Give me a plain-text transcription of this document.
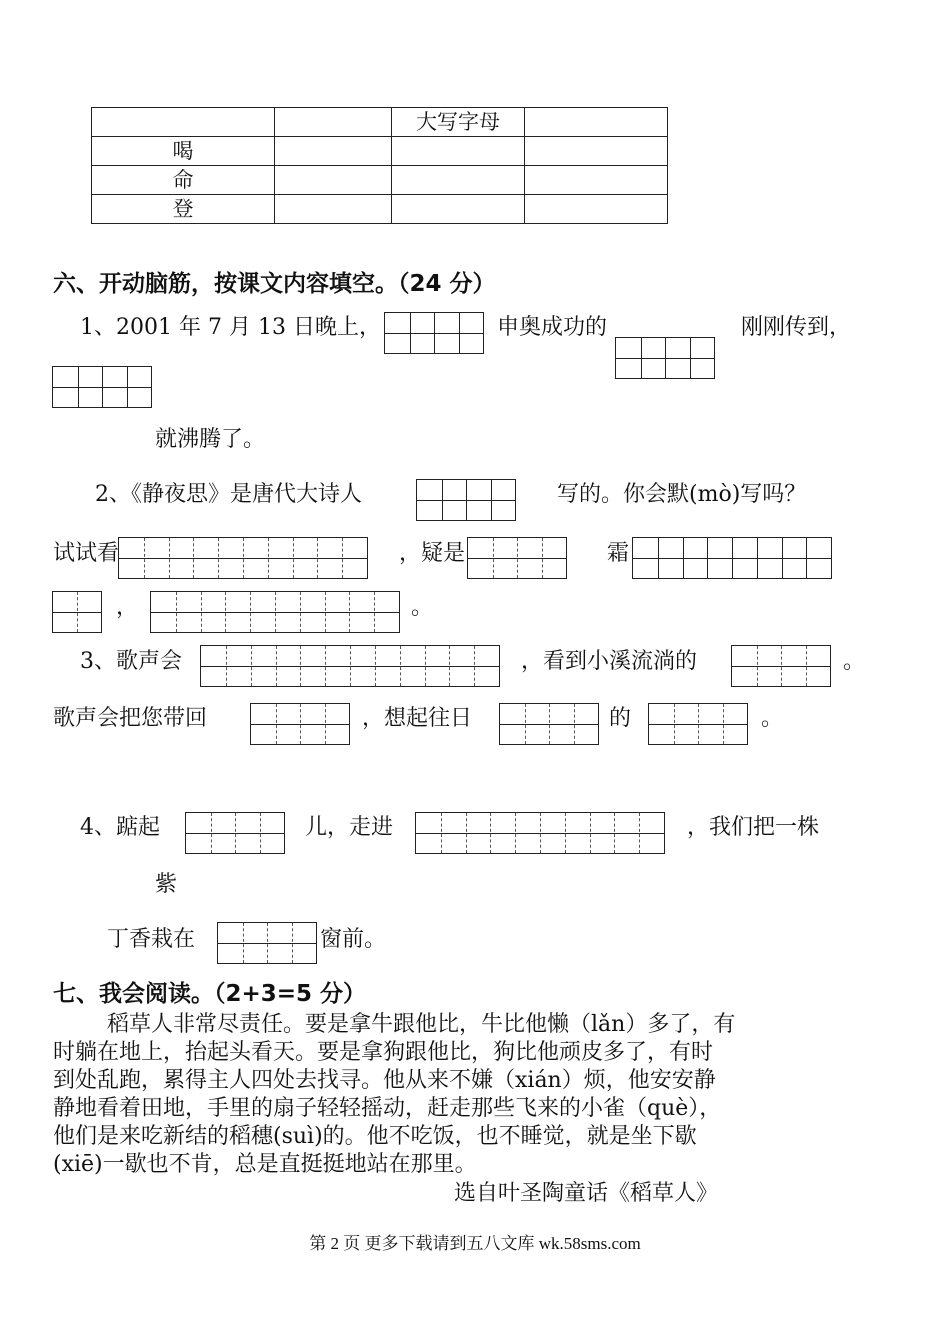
		大写字母	
喝			
命			
登			
六、开动脑筋，按课文内容填空。（24 分）
1、2001 年 7 月 13 日晚上，	申奥成功的	刚刚传到，
就沸腾了。
2、《静夜思》是唐代大诗人	写的。你会默(mò)写吗？
试试看	，疑是	霜
，	。
3、歌声会	，看到小溪流淌的	。
歌声会把您带回	，想起往日	的	。
4、踮起	儿，走进	，我们把一株
紫
丁香栽在	窗前。
七、我会阅读。（2+3=5 分）
稻草人非常尽责任。要是拿牛跟他比，牛比他懒（lǎn）多了，有
时躺在地上，抬起头看天。要是拿狗跟他比，狗比他顽皮多了，有时
到处乱跑，累得主人四处去找寻。他从来不嫌（xián）烦，他安安静
静地看着田地，手里的扇子轻轻摇动，赶走那些飞来的小雀（què），
他们是来吃新结的稻穗(suì)的。他不吃饭，也不睡觉，就是坐下歇
(xiē)一歇也不肯，总是直挺挺地站在那里。
选自叶圣陶童话《稻草人》
第 2 页 更多下载请到五八文库 wk.58sms.com
